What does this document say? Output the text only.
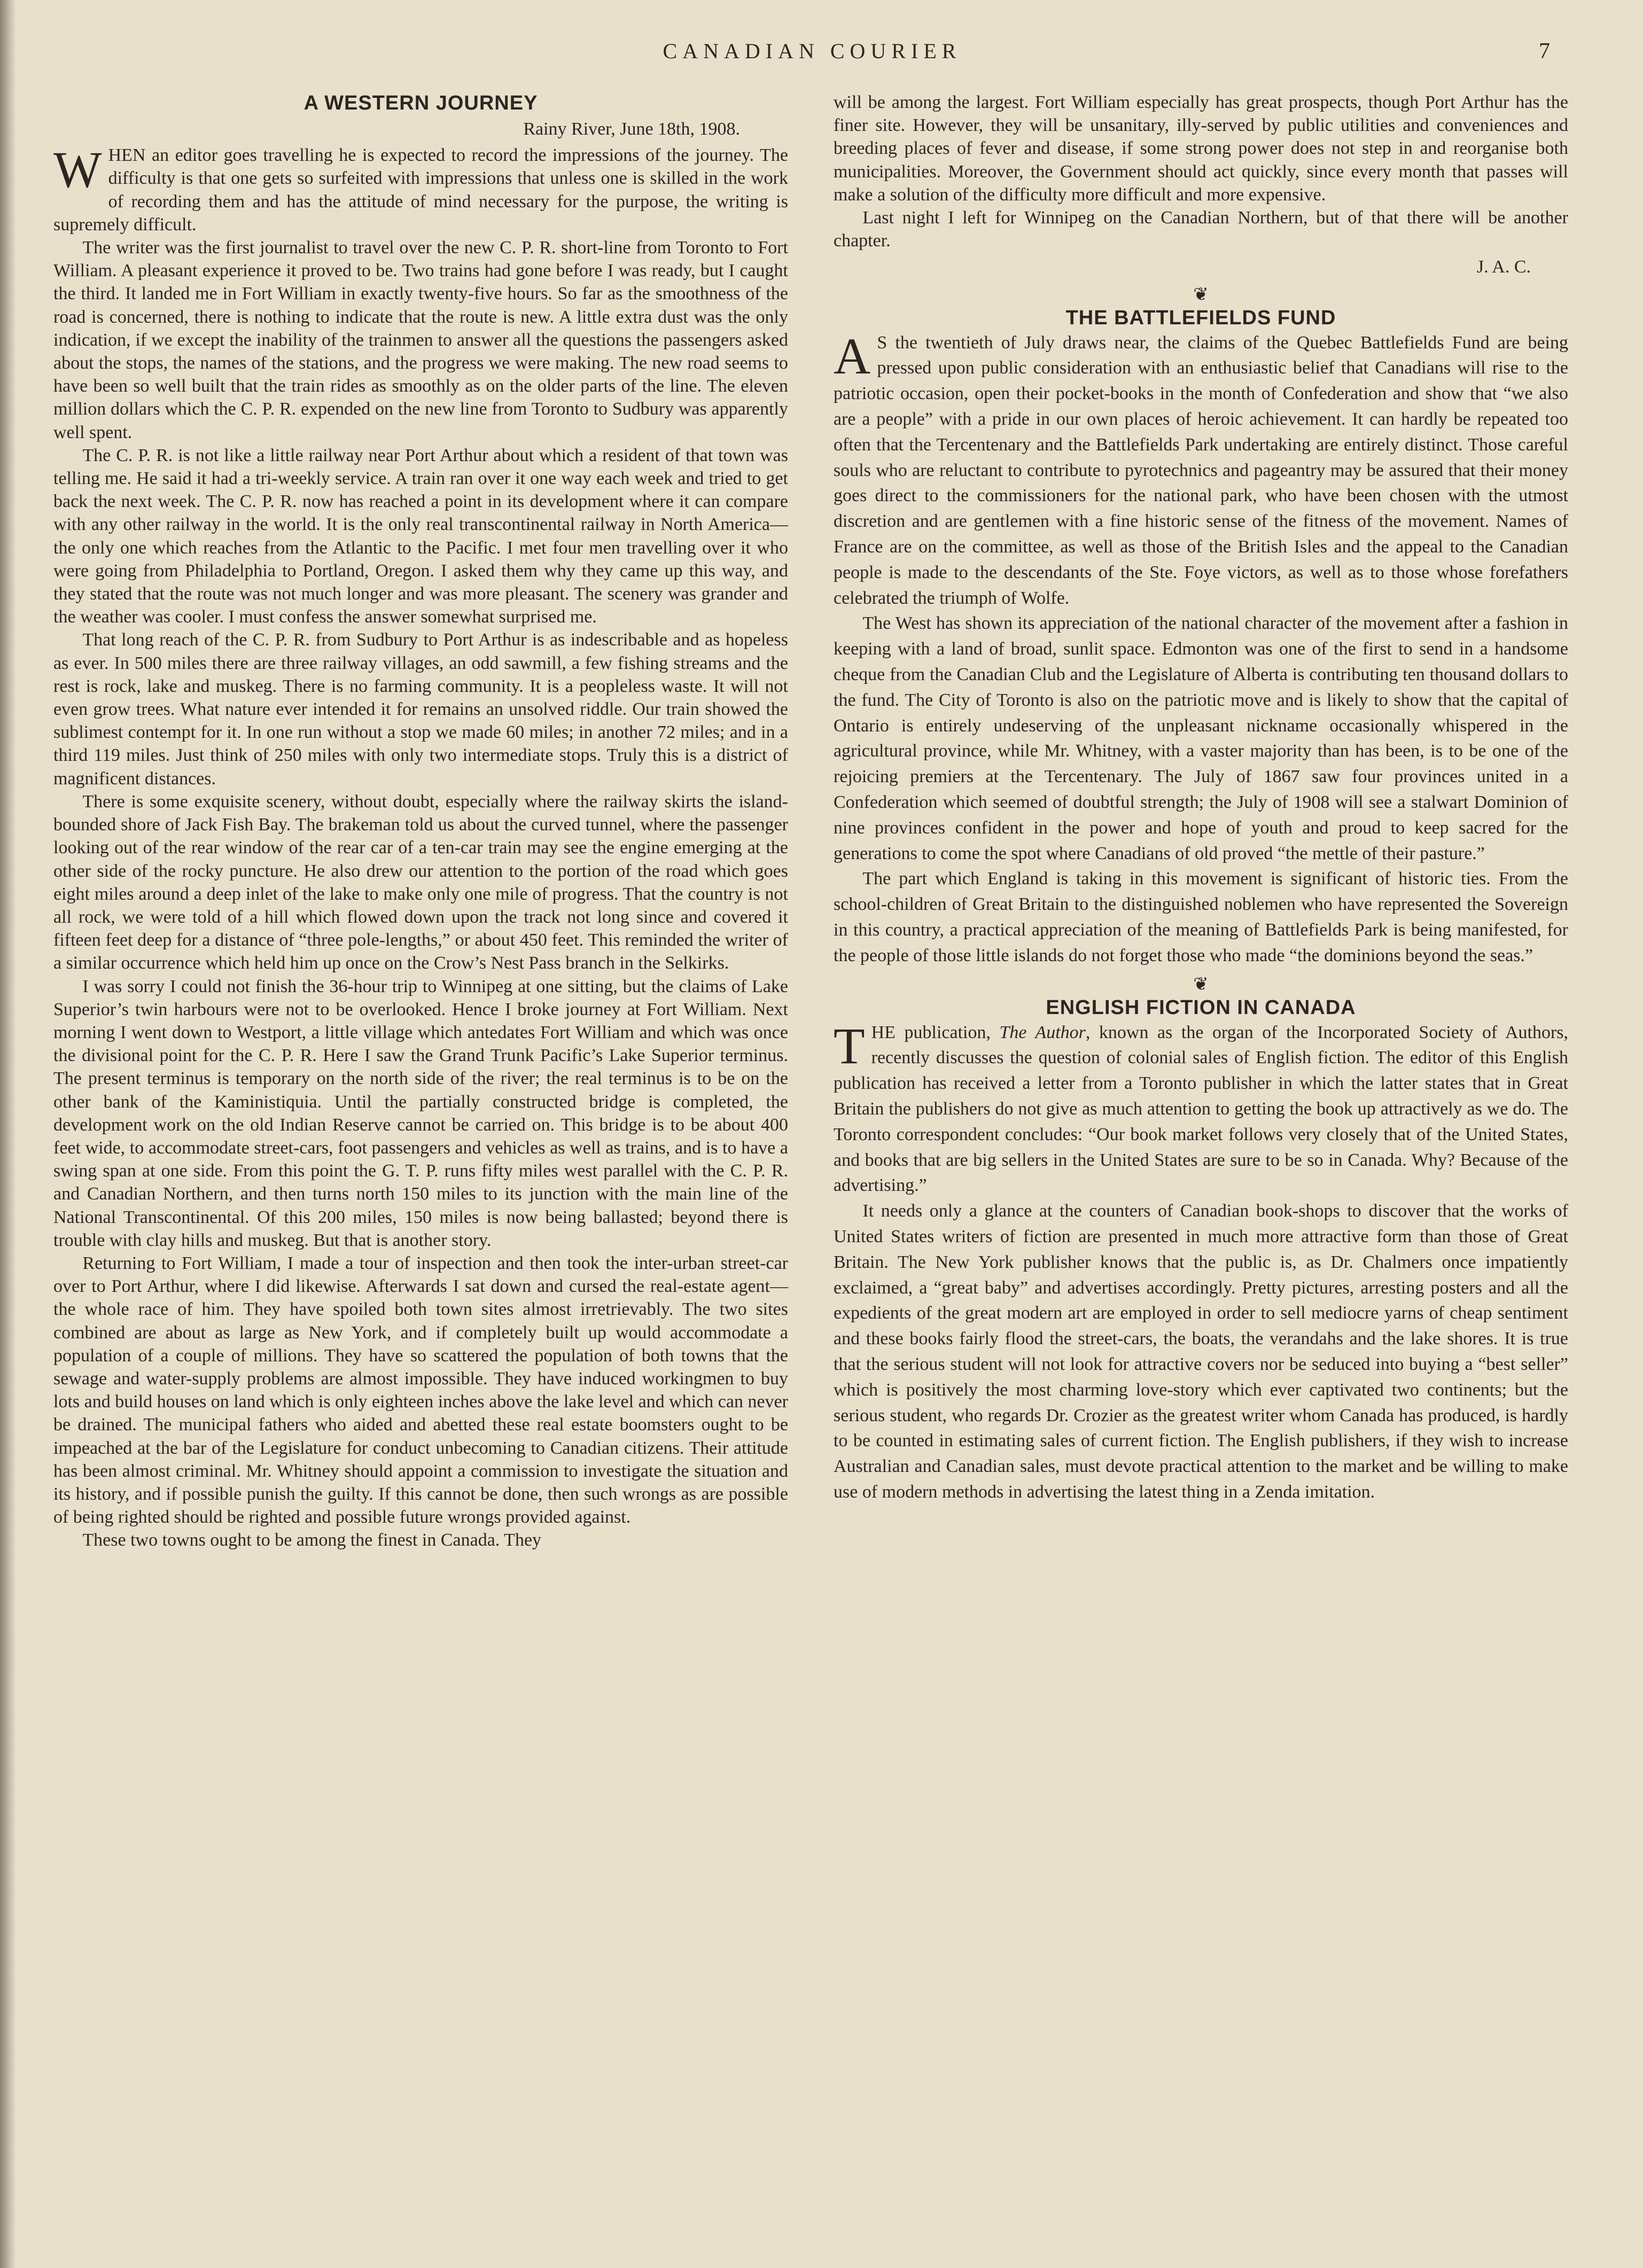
CANADIAN COURIER	7
A WESTERN JOURNEY
Rainy River, June 18th, 1908.

WHEN an editor goes travelling he is expected to record the impressions of the journey. The difficulty is that one gets so surfeited with impressions that unless one is skilled in the work of recording them and has the attitude of mind necessary for the purpose, the writing is supremely difficult.

The writer was the first journalist to travel over the new C. P. R. short-line from Toronto to Fort William. A pleasant experience it proved to be. Two trains had gone before I was ready, but I caught the third. It landed me in Fort William in exactly twenty-five hours. So far as the smoothness of the road is concerned, there is nothing to indicate that the route is new. A little extra dust was the only indication, if we except the inability of the trainmen to answer all the questions the passengers asked about the stops, the names of the stations, and the progress we were making. The new road seems to have been so well built that the train rides as smoothly as on the older parts of the line. The eleven million dollars which the C. P. R. expended on the new line from Toronto to Sudbury was apparently well spent.

The C. P. R. is not like a little railway near Port Arthur about which a resident of that town was telling me. He said it had a tri-weekly service. A train ran over it one way each week and tried to get back the next week. The C. P. R. now has reached a point in its development where it can compare with any other railway in the world. It is the only real transcontinental railway in North America—the only one which reaches from the Atlantic to the Pacific. I met four men travelling over it who were going from Philadelphia to Portland, Oregon. I asked them why they came up this way, and they stated that the route was not much longer and was more pleasant. The scenery was grander and the weather was cooler. I must confess the answer somewhat surprised me.

That long reach of the C. P. R. from Sudbury to Port Arthur is as indescribable and as hopeless as ever. In 500 miles there are three railway villages, an odd sawmill, a few fishing streams and the rest is rock, lake and muskeg. There is no farming community. It is a peopleless waste. It will not even grow trees. What nature ever intended it for remains an unsolved riddle. Our train showed the sublimest contempt for it. In one run without a stop we made 60 miles; in another 72 miles; and in a third 119 miles. Just think of 250 miles with only two intermediate stops. Truly this is a district of magnificent distances.

There is some exquisite scenery, without doubt, especially where the railway skirts the island-bounded shore of Jack Fish Bay. The brakeman told us about the curved tunnel, where the passenger looking out of the rear window of the rear car of a ten-car train may see the engine emerging at the other side of the rocky puncture. He also drew our attention to the portion of the road which goes eight miles around a deep inlet of the lake to make only one mile of progress. That the country is not all rock, we were told of a hill which flowed down upon the track not long since and covered it fifteen feet deep for a distance of “three pole-lengths,” or about 450 feet. This reminded the writer of a similar occurrence which held him up once on the Crow’s Nest Pass branch in the Selkirks.

I was sorry I could not finish the 36-hour trip to Winnipeg at one sitting, but the claims of Lake Superior’s twin harbours were not to be overlooked. Hence I broke journey at Fort William. Next morning I went down to Westport, a little village which antedates Fort William and which was once the divisional point for the C. P. R. Here I saw the Grand Trunk Pacific’s Lake Superior terminus. The present terminus is temporary on the north side of the river; the real terminus is to be on the other bank of the Kaministiquia. Until the partially constructed bridge is completed, the development work on the old Indian Reserve cannot be carried on. This bridge is to be about 400 feet wide, to accommodate street-cars, foot passengers and vehicles as well as trains, and is to have a swing span at one side. From this point the G. T. P. runs fifty miles west parallel with the C. P. R. and Canadian Northern, and then turns north 150 miles to its junction with the main line of the National Transcontinental. Of this 200 miles, 150 miles is now being ballasted; beyond there is trouble with clay hills and muskeg. But that is another story.

Returning to Fort William, I made a tour of inspection and then took the inter-urban street-car over to Port Arthur, where I did likewise. Afterwards I sat down and cursed the real-estate agent—the whole race of him. They have spoiled both town sites almost irretrievably. The two sites combined are about as large as New York, and if completely built up would accommodate a population of a couple of millions. They have so scattered the population of both towns that the sewage and water-supply problems are almost impossible. They have induced workingmen to buy lots and build houses on land which is only eighteen inches above the lake level and which can never be drained. The municipal fathers who aided and abetted these real estate boomsters ought to be impeached at the bar of the Legislature for conduct unbecoming to Canadian citizens. Their attitude has been almost criminal. Mr. Whitney should appoint a commission to investigate the situation and its history, and if possible punish the guilty. If this cannot be done, then such wrongs as are possible of being righted should be righted and possible future wrongs provided against.

These two towns ought to be among the finest in Canada. They

will be among the largest. Fort William especially has great prospects, though Port Arthur has the finer site. However, they will be unsanitary, illy-served by public utilities and conveniences and breeding places of fever and disease, if some strong power does not step in and reorganise both municipalities. Moreover, the Government should act quickly, since every month that passes will make a solution of the difficulty more difficult and more expensive.

Last night I left for Winnipeg on the Canadian Northern, but of that there will be another chapter.

J. A. C.
❦
THE BATTLEFIELDS FUND

A S the twentieth of July draws near, the claims of the Quebec Battlefields Fund are being pressed upon public consideration with an enthusiastic belief that Canadians will rise to the patriotic occasion, open their pocket-books in the month of Confederation and show that “we also are a people” with a pride in our own places of heroic achievement. It can hardly be repeated too often that the Tercentenary and the Battlefields Park undertaking are entirely distinct. Those careful souls who are reluctant to contribute to pyrotechnics and pageantry may be assured that their money goes direct to the commissioners for the national park, who have been chosen with the utmost discretion and are gentlemen with a fine historic sense of the fitness of the movement. Names of France are on the committee, as well as those of the British Isles and the appeal to the Canadian people is made to the descendants of the Ste. Foye victors, as well as to those whose forefathers celebrated the triumph of Wolfe.

The West has shown its appreciation of the national character of the movement after a fashion in keeping with a land of broad, sunlit space. Edmonton was one of the first to send in a handsome cheque from the Canadian Club and the Legislature of Alberta is contributing ten thousand dollars to the fund. The City of Toronto is also on the patriotic move and is likely to show that the capital of Ontario is entirely undeserving of the unpleasant nickname occasionally whispered in the agricultural province, while Mr. Whitney, with a vaster majority than has been, is to be one of the rejoicing premiers at the Tercentenary. The July of 1867 saw four provinces united in a Confederation which seemed of doubtful strength; the July of 1908 will see a stalwart Dominion of nine provinces confident in the power and hope of youth and proud to keep sacred for the generations to come the spot where Canadians of old proved “the mettle of their pasture.”

The part which England is taking in this movement is significant of historic ties. From the school-children of Great Britain to the distinguished noblemen who have represented the Sovereign in this country, a practical appreciation of the meaning of Battlefields Park is being manifested, for the people of those little islands do not forget those who made “the dominions beyond the seas.”

❦
ENGLISH FICTION IN CANADA

THE publication, The Author, known as the organ of the Incorporated Society of Authors, recently discusses the question of colonial sales of English fiction. The editor of this English publication has received a letter from a Toronto publisher in which the latter states that in Great Britain the publishers do not give as much attention to getting the book up attractively as we do. The Toronto correspondent concludes: “Our book market follows very closely that of the United States, and books that are big sellers in the United States are sure to be so in Canada. Why? Because of the advertising.”

It needs only a glance at the counters of Canadian book-shops to discover that the works of United States writers of fiction are presented in much more attractive form than those of Great Britain. The New York publisher knows that the public is, as Dr. Chalmers once impatiently exclaimed, a “great baby” and advertises accordingly. Pretty pictures, arresting posters and all the expedients of the great modern art are employed in order to sell mediocre yarns of cheap sentiment and these books fairly flood the street-cars, the boats, the verandahs and the lake shores. It is true that the serious student will not look for attractive covers nor be seduced into buying a “best seller” which is positively the most charming love-story which ever captivated two continents; but the serious student, who regards Dr. Crozier as the greatest writer whom Canada has produced, is hardly to be counted in estimating sales of current fiction. The English publishers, if they wish to increase Australian and Canadian sales, must devote practical attention to the market and be willing to make use of modern methods in advertising the latest thing in a Zenda imitation.
